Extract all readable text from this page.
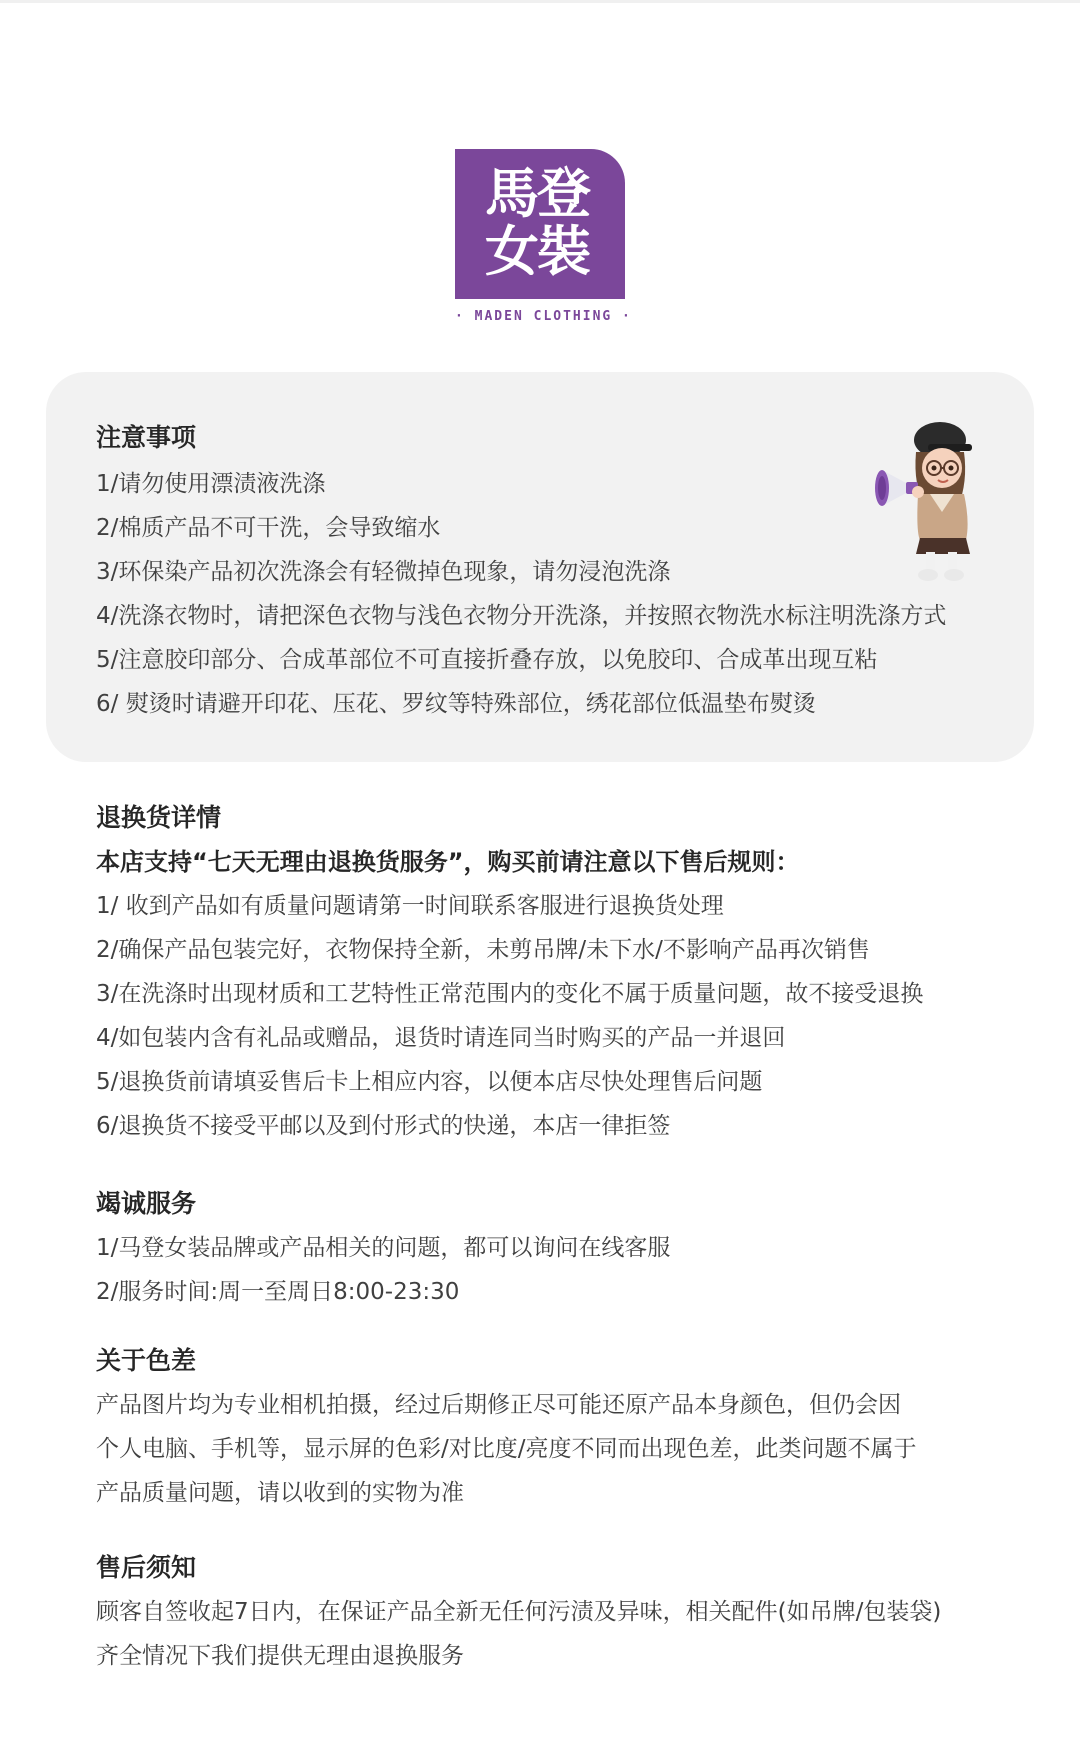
馬登
女裝
· MADEN CLOTHING ·
注意事项
1/请勿使用漂渍液洗涤
2/棉质产品不可干洗，会导致缩水
3/环保染产品初次洗涤会有轻微掉色现象，请勿浸泡洗涤
4/洗涤衣物时，请把深色衣物与浅色衣物分开洗涤，并按照衣物洗水标注明洗涤方式
5/注意胶印部分、合成革部位不可直接折叠存放，以免胶印、合成革出现互粘
6/ 熨烫时请避开印花、压花、罗纹等特殊部位，绣花部位低温垫布熨烫
退换货详情
本店支持“七天无理由退换货服务”，购买前请注意以下售后规则：
1/ 收到产品如有质量问题请第一时间联系客服进行退换货处理
2/确保产品包装完好，衣物保持全新，未剪吊牌/未下水/不影响产品再次销售
3/在洗涤时出现材质和工艺特性正常范围内的变化不属于质量问题，故不接受退换
4/如包装内含有礼品或赠品，退货时请连同当时购买的产品一并退回
5/退换货前请填妥售后卡上相应内容，以便本店尽快处理售后问题
6/退换货不接受平邮以及到付形式的快递，本店一律拒签
竭诚服务
1/马登女装品牌或产品相关的问题，都可以询问在线客服
2/服务时间:周一至周日8:00-23:30
关于色差
产品图片均为专业相机拍摄，经过后期修正尽可能还原产品本身颜色，但仍会因
个人电脑、手机等，显示屏的色彩/对比度/亮度不同而出现色差，此类问题不属于
产品质量问题，请以收到的实物为准
售后须知
顾客自签收起7日内，在保证产品全新无任何污渍及异味，相关配件(如吊牌/包装袋)
齐全情况下我们提供无理由退换服务
